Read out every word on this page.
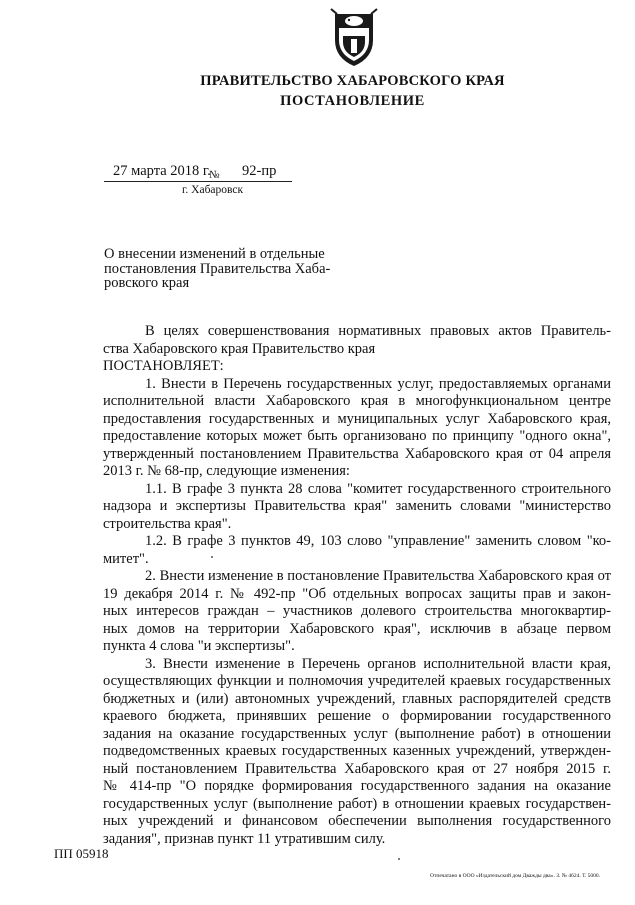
ПРАВИТЕЛЬСТВО ХАБАРОВСКОГО КРАЯ
ПОСТАНОВЛЕНИЕ
27 марта 2018 г.
№ 92-пр
г. Хабаровск
О внесении изменений в отдельные
постановления Правительства Хаба-
ровского края
В целях совершенствования нормативных правовых актов Правитель-
ства Хабаровского края Правительство края
ПОСТАНОВЛЯЕТ:
1. Внести в Перечень государственных услуг, предоставляемых органами
исполнительной власти Хабаровского края в многофункциональном центре
предоставления государственных и муниципальных услуг Хабаровского края,
предоставление которых может быть организовано по принципу "одного окна",
утвержденный постановлением Правительства Хабаровского края от 04 апреля
2013 г. № 68-пр, следующие изменения:
1.1. В графе 3 пункта 28 слова "комитет государственного строительного
надзора и экспертизы Правительства края" заменить словами "министерство
строительства края".
1.2. В графе 3 пунктов 49, 103 слово "управление" заменить словом "ко-
митет".
2. Внести изменение в постановление Правительства Хабаровского края от
19 декабря 2014 г. № 492-пр "Об отдельных вопросах защиты прав и закон-
ных интересов граждан – участников долевого строительства многоквартир-
ных домов на территории Хабаровского края", исключив в абзаце первом
пункта 4 слова "и экспертизы".
3. Внести изменение в Перечень органов исполнительной власти края,
осуществляющих функции и полномочия учредителей краевых государственных
бюджетных и (или) автономных учреждений, главных распорядителей средств
краевого бюджета, принявших решение о формировании государственного
задания на оказание государственных услуг (выполнение работ) в отношении
подведомственных краевых государственных казенных учреждений, утвержден-
ный постановлением Правительства Хабаровского края от 27 ноября 2015 г.
№ 414-пр "О порядке формирования государственного задания на оказание
государственных услуг (выполнение работ) в отношении краевых государствен-
ных учреждений и финансовом обеспечении выполнения государственного
задания", признав пункт 11 утратившим силу.
ПП 05918
Отпечатано в ООО «Издательский дом Дважды два». З. № 4624. Т. 5000.
